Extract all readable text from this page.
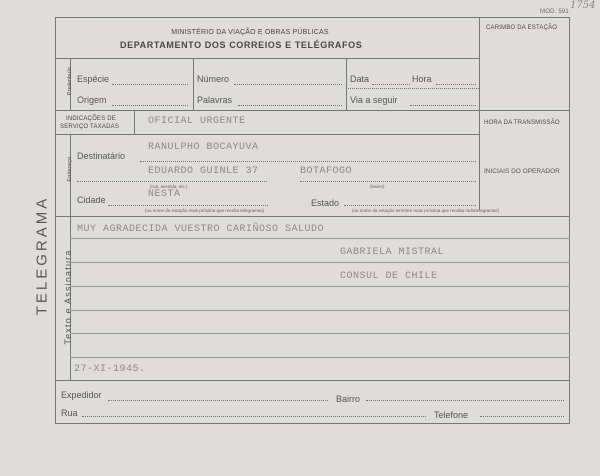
MOD. 591
1754
TELEGRAMA
MINISTÉRIO DA VIAÇÃO E OBRAS PÚBLICAS
DEPARTAMENTO DOS CORREIOS E TELÉGRAFOS
CARIMBO DA ESTAÇÃO
Preâmbulo Espécie	Número	Data	Hora
Origem	Palavras	Via a seguir
INDICAÇÕES DE
SERVIÇO TAXADAS	OFICIAL URGENTE	HORA DA TRANSMISSÃO
Endereço
Destinatário
RANULPHO BOCAYUVA
EDUARDO GUINLE 37	BOTAFOGO
(rua, avenida, etc.)	(bairro)
INICIAIS DO OPERADOR
Cidade	NESTA
(ou nome da estação mais próxima que receba telegramas)
Estado
(ou nome da estação terrestre mais próxima que receba radiotelegramas)
Texto e Assinatura
MUY AGRADECIDA VUESTRO CARIÑOSO SALUDO
GABRIELA MISTRAL
CONSUL DE CHILE
27-XI-1945.
Expedidor	Bairro
Rua	Telefone
